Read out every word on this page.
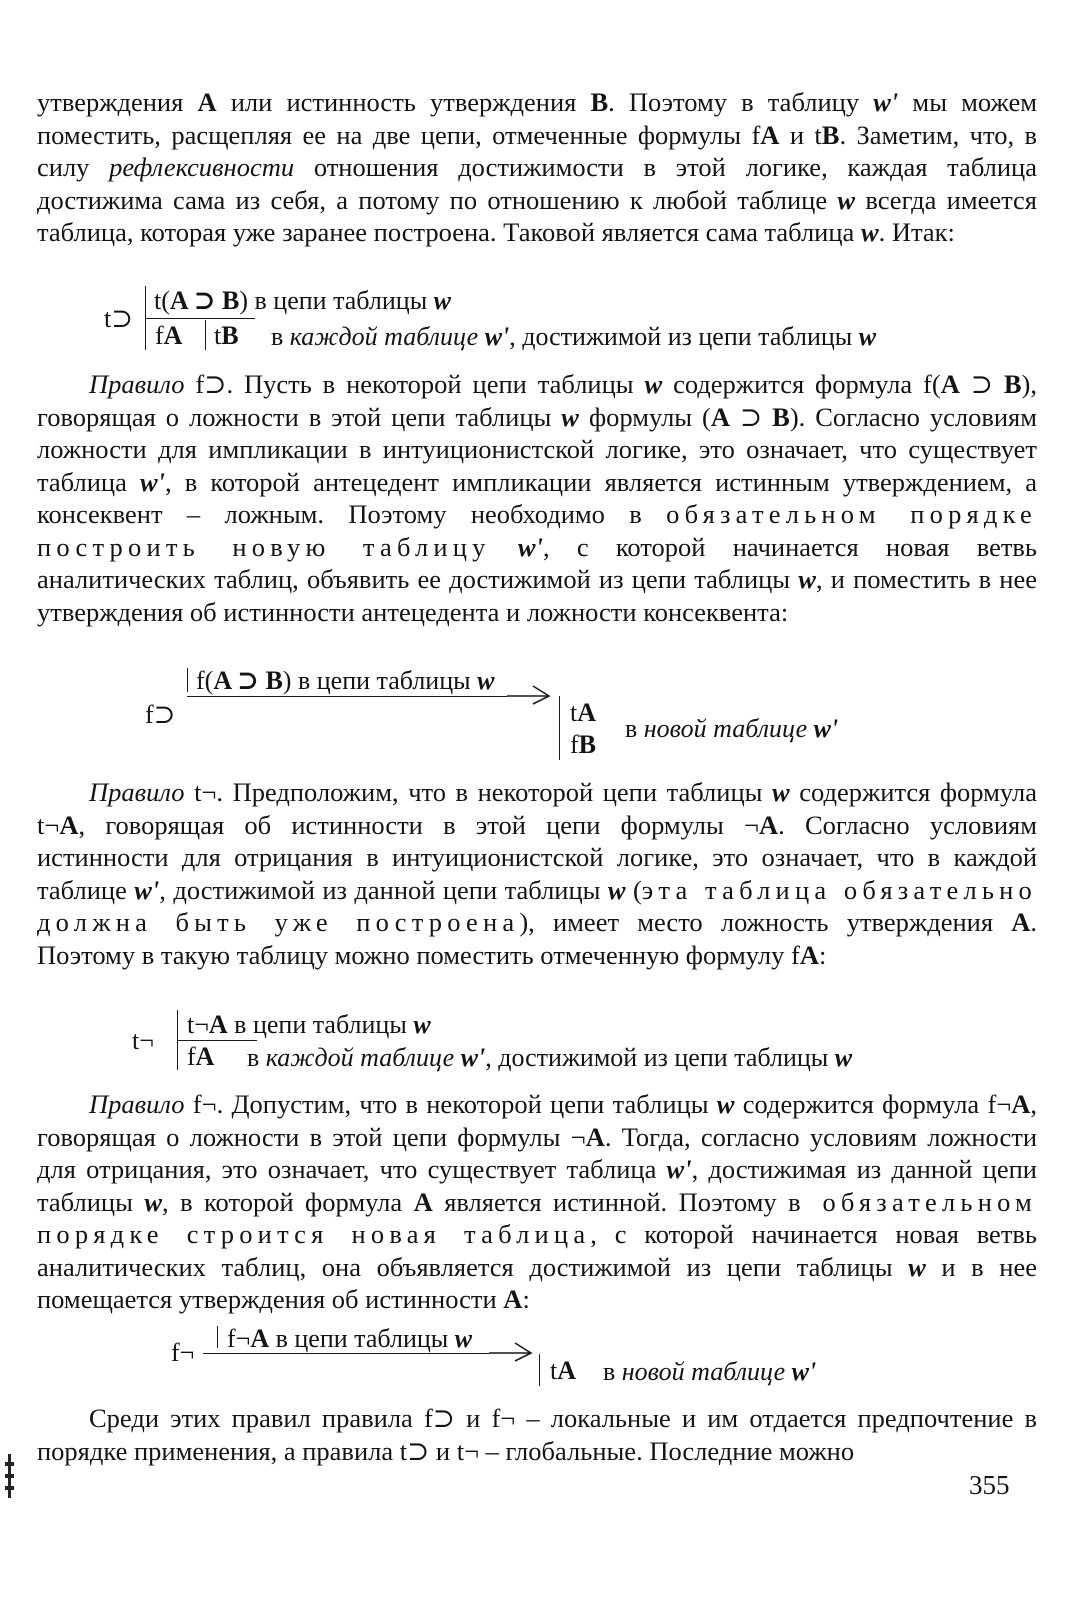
утверждения A или истинность утверждения B. Поэтому в таблицу w' мы можем поместить, расщепляя ее на две цепи, отмеченные формулы fA и tB. Заметим, что, в силу рефлексивности отношения достижимости в этой логике, каждая таблица достижима сама из себя, а потому по отношению к любой таблице w всегда имеется таблица, которая уже заранее построена. Таковой является сама таблица w. Итак:

t⊃
t(A ⊃ B) в цепи таблицы w
fA tB в каждой таблице w', достижимой из цепи таблицы w

Правило f⊃. Пусть в некоторой цепи таблицы w содержится формула f(A ⊃ B), говорящая о ложности в этой цепи таблицы w формулы (A ⊃ B). Согласно условиям ложности для импликации в интуиционистской логике, это означает, что существует таблица w', в которой антецедент импликации является истинным утверждением, а консеквент – ложным. Поэтому необходимо в обязательном порядке построить новую таблицу w', с которой начинается новая ветвь аналитических таблиц, объявить ее достижимой из цепи таблицы w, и поместить в нее утверждения об истинности антецедента и ложности консеквента:

f(A ⊃ B) в цепи таблицы w
f⊃	tA
fB
в новой таблице w'

Правило t¬. Предположим, что в некоторой цепи таблицы w содержится формула t¬A, говорящая об истинности в этой цепи формулы ¬A. Согласно условиям истинности для отрицания в интуиционистской логике, это означает, что в каждой таблице w', достижимой из данной цепи таблицы w (эта таблица обязательно должна быть уже построена), имеет место ложность утверждения A. Поэтому в такую таблицу можно поместить отмеченную формулу fA:

t¬
t¬A в цепи таблицы w
fA в каждой таблице w', достижимой из цепи таблицы w

Правило f¬. Допустим, что в некоторой цепи таблицы w содержится формула f¬A, говорящая о ложности в этой цепи формулы ¬A. Тогда, согласно условиям ложности для отрицания, это означает, что существует таблица w', достижимая из данной цепи таблицы w, в которой формула A является истинной. Поэтому в обязательном порядке строится новая таблица, с которой начинается новая ветвь аналитических таблиц, она объявляется достижимой из цепи таблицы w и в нее помещается утверждения об истинности A:

f¬A в цепи таблицы w
f¬
tA в новой таблице w'

Среди этих правил правила f⊃ и f¬ – локальные и им отдается предпочтение в порядке применения, а правила t⊃ и t¬ – глобальные. Последние можно

355
